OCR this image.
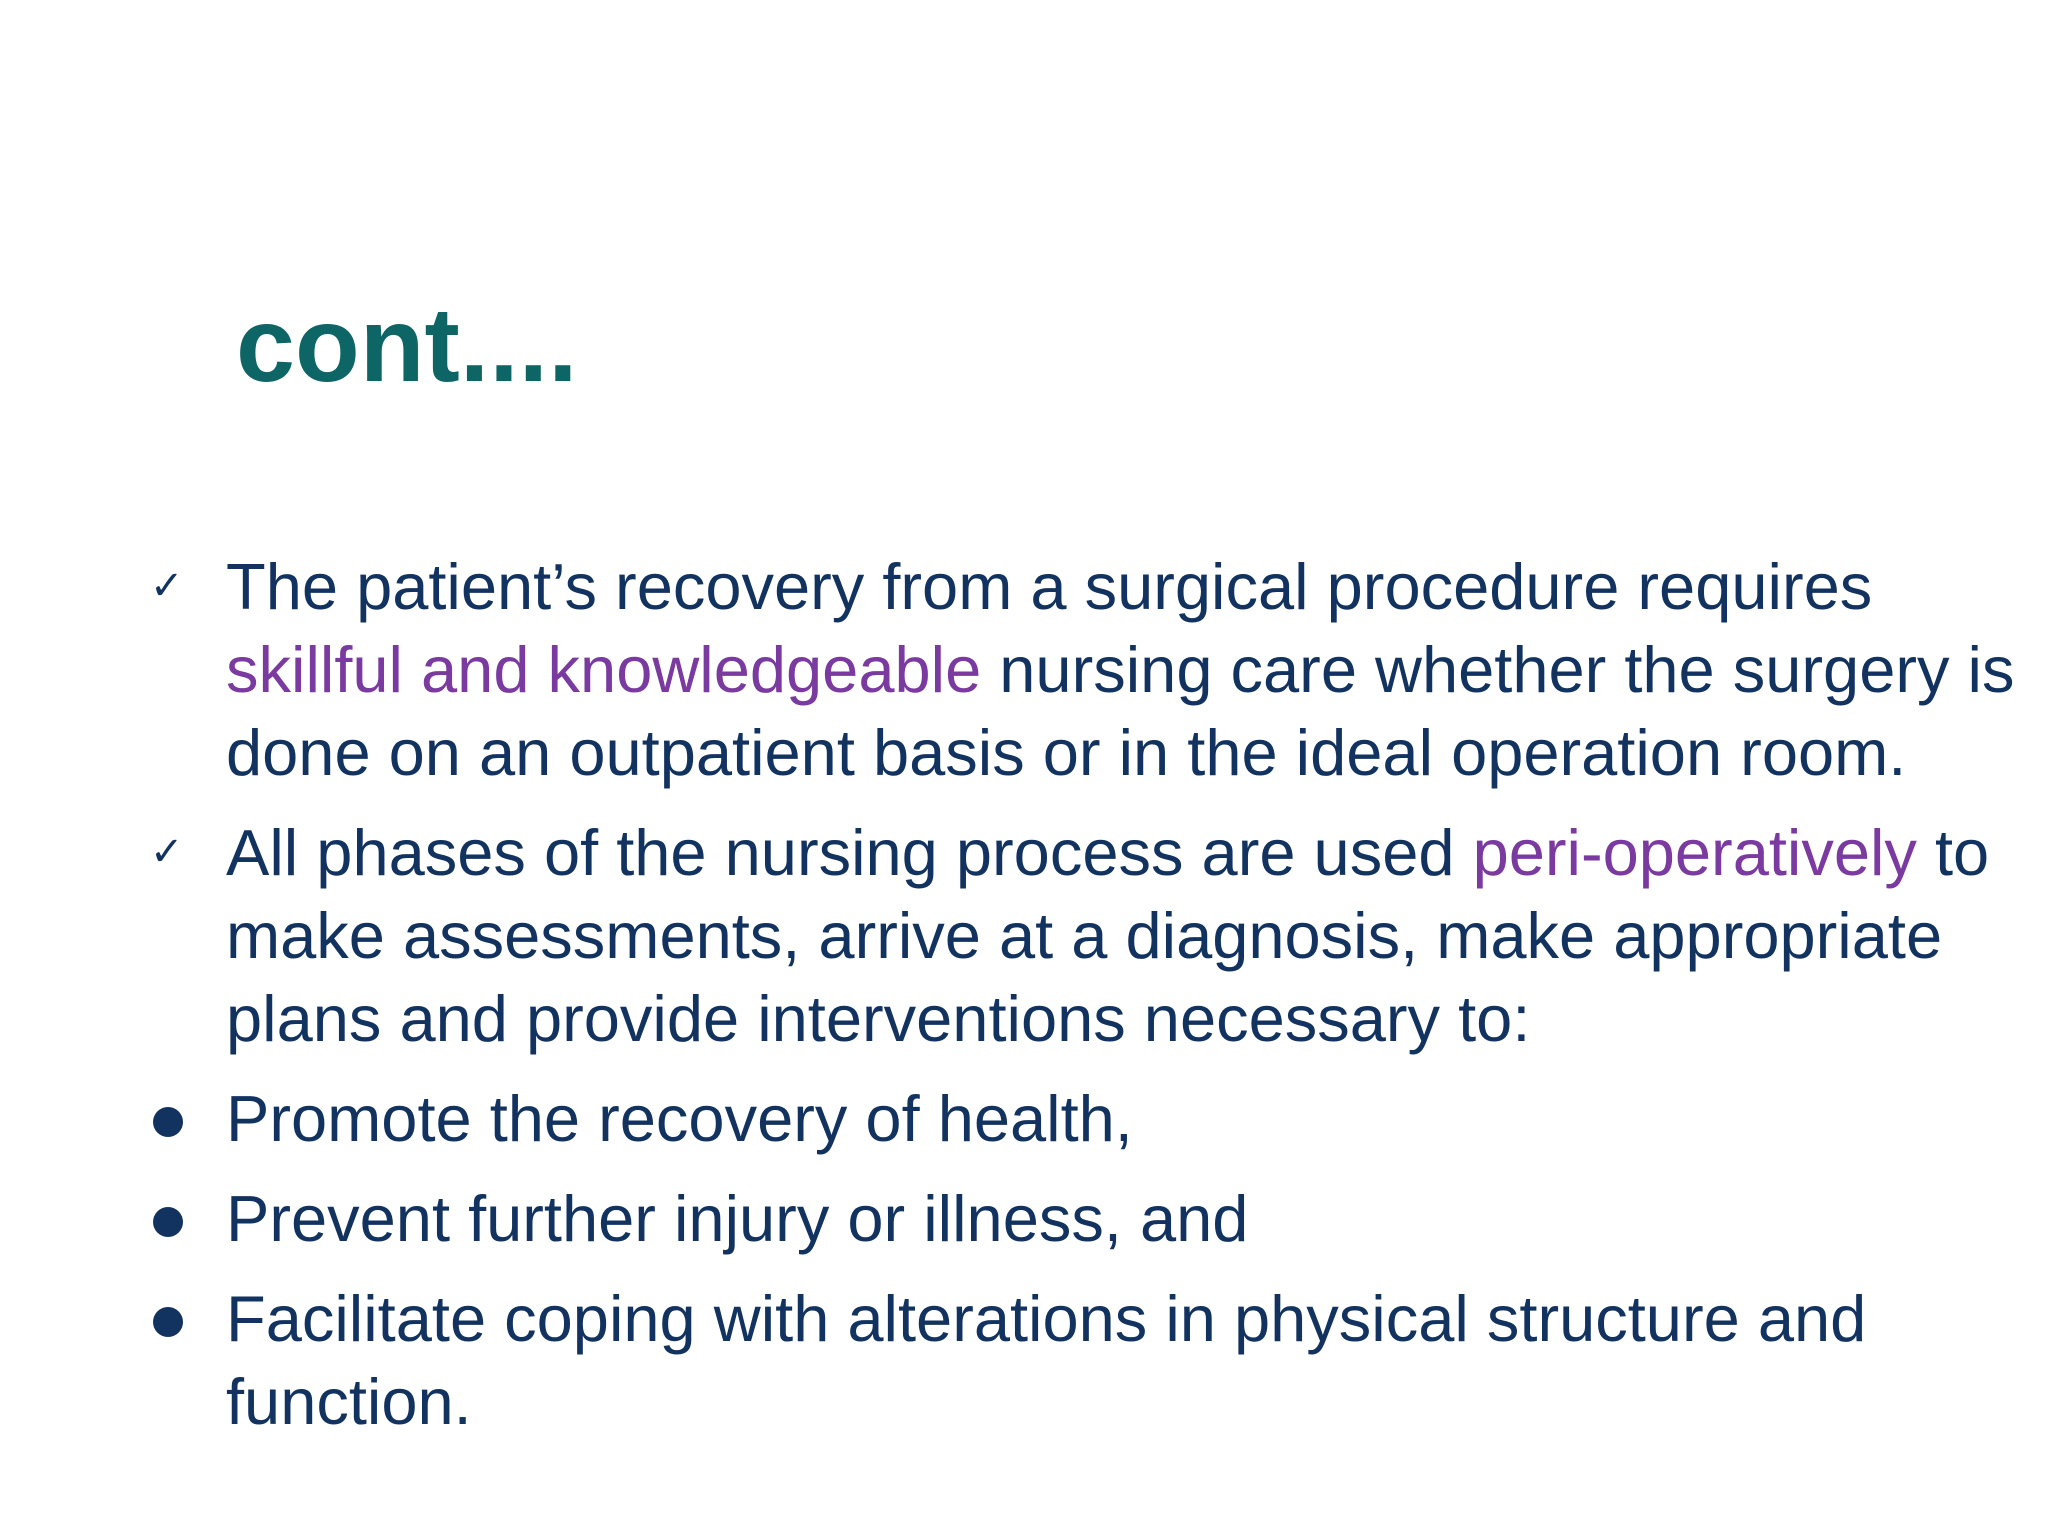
cont....

✓ The patient’s recovery from a surgical procedure requires skillful and knowledgeable nursing care whether the surgery is done on an outpatient basis or in the ideal operation room.

✓ All phases of the nursing process are used peri-operatively to make assessments, arrive at a diagnosis, make appropriate plans and provide interventions necessary to:

Promote the recovery of health,

Prevent further injury or illness, and

Facilitate coping with alterations in physical structure and function.
